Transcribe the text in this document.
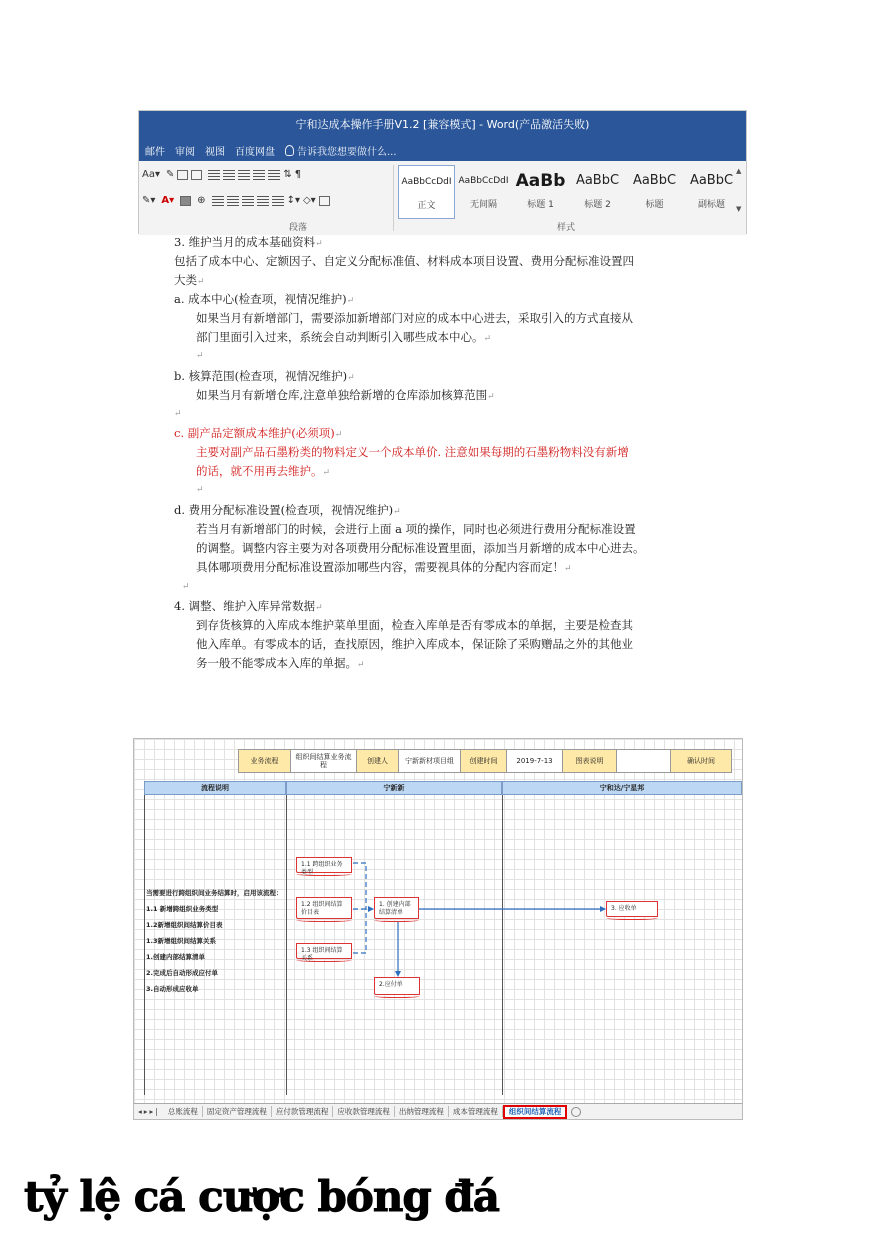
宁和达成本操作手册V1.2 [兼容模式] - Word(产品激活失败)
邮件 审阅 视图 百度网盘 告诉我您想要做什么...
Aa▾ ✎	⇅ ¶
✎▾ A▾ ⊕	↕▾ ◇▾
段落
AaBbCcDdI
正文
AaBbCcDdI
无间隔
AaBb
标题 1
AaBbC
标题 2
AaBbC
标题
AaBbC
副标题
▲
▼
样式
3. 维护当月的成本基础资料↵
包括了成本中心、定额因子、自定义分配标准值、材料成本项目设置、费用分配标准设置四
大类↵
a. 成本中心(检查项，视情况维护)↵
如果当月有新增部门，需要添加新增部门对应的成本中心进去，采取引入的方式直接从
部门里面引入过来，系统会自动判断引入哪些成本中心。↵
↵
b. 核算范围(检查项，视情况维护)↵
如果当月有新增仓库,注意单独给新增的仓库添加核算范围↵
↵
c. 副产品定额成本维护(必须项)↵
主要对副产品石墨粉类的物料定义一个成本单价. 注意如果每期的石墨粉物料没有新增
的话，就不用再去维护。↵
↵
d. 费用分配标准设置(检查项，视情况维护)↵
若当月有新增部门的时候，会进行上面 a 项的操作，同时也必须进行费用分配标准设置
的调整。调整内容主要为对各项费用分配标准设置里面，添加当月新增的成本中心进去。
具体哪项费用分配标准设置添加哪些内容，需要视具体的分配内容而定！↵
↵
4. 调整、维护入库异常数据↵
到存货核算的入库成本维护菜单里面，检查入库单是否有零成本的单据，主要是检查其
他入库单。有零成本的话，查找原因，维护入库成本，保证除了采购赠品之外的其他业
务一般不能零成本入库的单据。↵
业务流程	组织间结算业务流程	创建人	宁新新材项目组	创建时间	2019-7-13	图表说明	确认时间
流程说明	宁新新	宁和达/宁星邦
当需要进行跨组织间业务结算时，启用该流程：
1.1 新增跨组织业务类型
1.2新增组织间结算价目表
1.3新增组织间结算关系
1.创建内部结算清单
2.完成后自动形成应付单
3.自动形成应收单
1.1 跨组织业务类型
1.2 组织间结算价目表
1.3 组织间结算关系
1. 创建内部结算清单
2.应付单
3. 应收单
◂▸▸|	总账流程	固定资产管理流程	应付款管理流程	应收款管理流程	出纳管理流程	成本管理流程	组织间结算流程
tỷ lệ cá cược bóng đá
